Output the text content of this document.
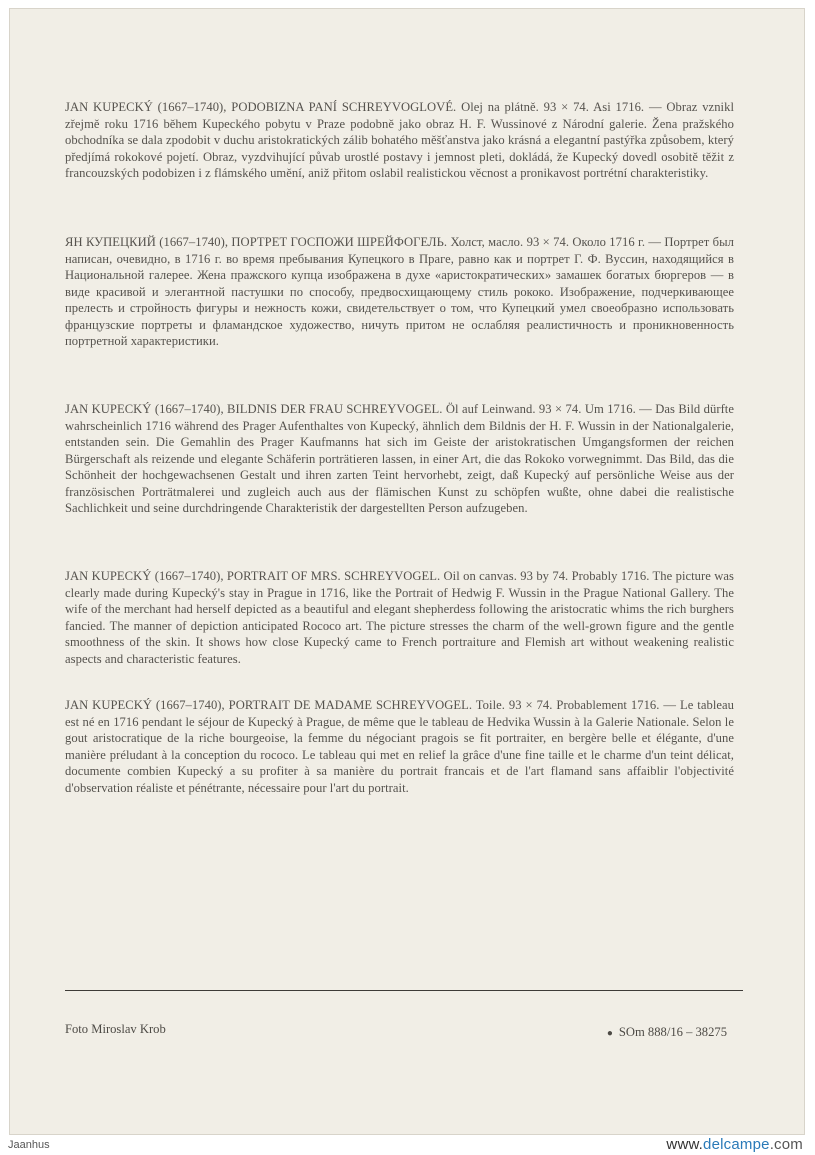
JAN KUPECKÝ (1667–1740), PODOBIZNA PANÍ SCHREYVOGLOVÉ. Olej na plátně. 93 × 74. Asi 1716. — Obraz vznikl zřejmě roku 1716 během Kupeckého pobytu v Praze podobně jako obraz H. F. Wussinové z Národní galerie. Žena pražského obchodníka se dala zpodobit v duchu aristokratických zálib bohatého měšťanstva jako krásná a elegantní pastýřka způsobem, který předjímá rokokové pojetí. Obraz, vyzdvihující půvab urostlé postavy i jemnost pleti, dokládá, že Kupecký dovedl osobitě těžit z francouzských podobizen i z flámského umění, aniž přitom oslabil realistickou věcnost a pronikavost portrétní charakteristiky.

ЯН КУПЕЦКИЙ (1667–1740), ПОРТРЕТ ГОСПОЖИ ШРЕЙФОГЕЛЬ. Холст, масло. 93 × 74. Около 1716 г. — Портрет был написан, очевидно, в 1716 г. во время пребывания Купецкого в Праге, равно как и портрет Г. Ф. Вуссин, находящийся в Национальной галерее. Жена пражского купца изображена в духе «аристократических» замашек богатых бюргеров — в виде красивой и элегантной пастушки по способу, предвосхищающему стиль рококо. Изображение, подчеркивающее прелесть и стройность фигуры и нежность кожи, свидетельствует о том, что Купецкий умел своеобразно использовать французские портреты и фламандское художество, ничуть притом не ослабляя реалистичность и проникновенность портретной характеристики.

JAN KUPECKÝ (1667–1740), BILDNIS DER FRAU SCHREYVOGEL. Öl auf Leinwand. 93 × 74. Um 1716. — Das Bild dürfte wahrscheinlich 1716 während des Prager Aufenthaltes von Kupecký, ähnlich dem Bildnis der H. F. Wussin in der Nationalgalerie, entstanden sein. Die Gemahlin des Prager Kaufmanns hat sich im Geiste der aristokratischen Umgangsformen der reichen Bürgerschaft als reizende und elegante Schäferin porträtieren lassen, in einer Art, die das Rokoko vorwegnimmt. Das Bild, das die Schönheit der hochgewachsenen Gestalt und ihren zarten Teint hervorhebt, zeigt, daß Kupecký auf persönliche Weise aus der französischen Porträtmalerei und zugleich auch aus der flämischen Kunst zu schöpfen wußte, ohne dabei die realistische Sachlichkeit und seine durchdringende Charakteristik der dargestellten Person aufzugeben.

JAN KUPECKÝ (1667–1740), PORTRAIT OF MRS. SCHREYVOGEL. Oil on canvas. 93 by 74. Probably 1716. The picture was clearly made during Kupecký's stay in Prague in 1716, like the Portrait of Hedwig F. Wussin in the Prague National Gallery. The wife of the merchant had herself depicted as a beautiful and elegant shepherdess following the aristocratic whims the rich burghers fancied. The manner of depiction anticipated Rococo art. The picture stresses the charm of the well-grown figure and the gentle smoothness of the skin. It shows how close Kupecký came to French portraiture and Flemish art without weakening realistic aspects and characteristic features.

JAN KUPECKÝ (1667–1740), PORTRAIT DE MADAME SCHREYVOGEL. Toile. 93 × 74. Probablement 1716. — Le tableau est né en 1716 pendant le séjour de Kupecký à Prague, de même que le tableau de Hedvika Wussin à la Galerie Nationale. Selon le gout aristocratique de la riche bourgeoise, la femme du négociant pragois se fit portraiter, en bergère belle et élégante, d'une manière préludant à la conception du rococo. Le tableau qui met en relief la grâce d'une fine taille et le charme d'un teint délicat, documente combien Kupecký a su profiter à sa manière du portrait francais et de l'art flamand sans affaiblir l'objectivité d'observation réaliste et pénétrante, nécessaire pour l'art du portrait.

Foto Miroslav Krob	● SOm 888/16 – 38275
Jaanhus	www.delcampe.com
